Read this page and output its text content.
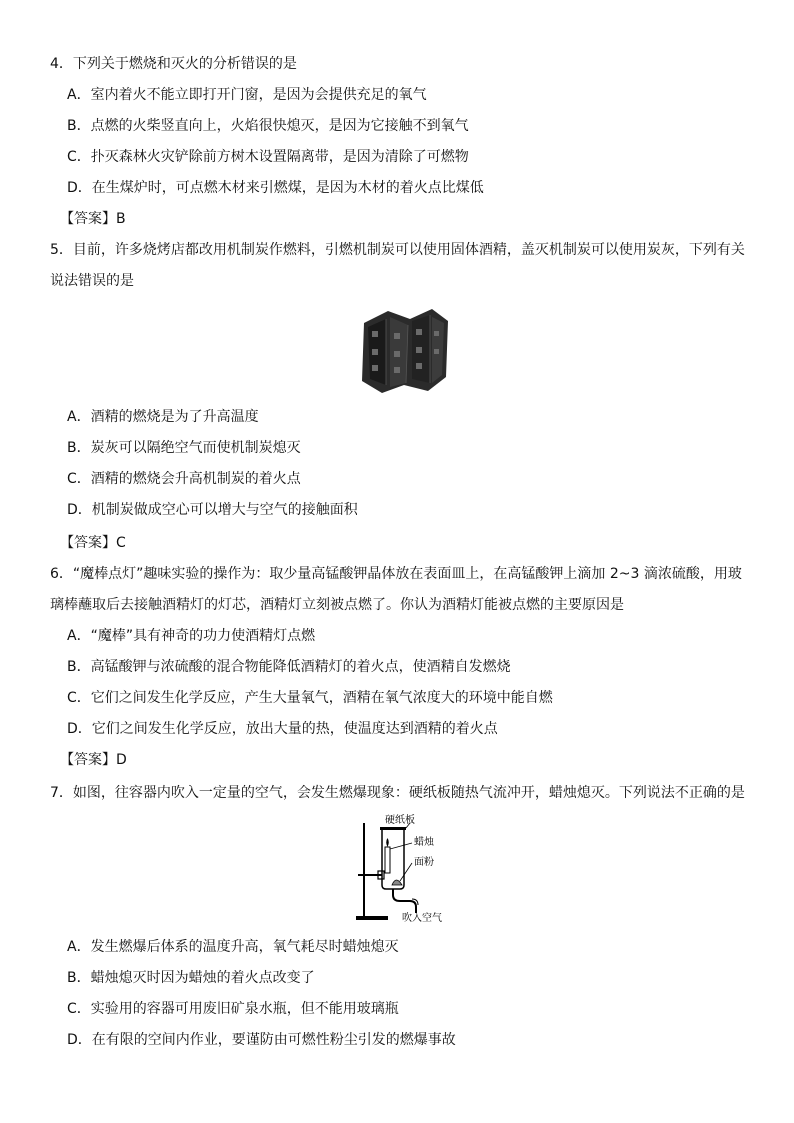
4．下列关于燃烧和灭火的分析错误的是
A．室内着火不能立即打开门窗，是因为会提供充足的氧气
B．点燃的火柴竖直向上，火焰很快熄灭，是因为它接触不到氧气
C．扑灭森林火灾铲除前方树木设置隔离带，是因为清除了可燃物
D．在生煤炉时，可点燃木材来引燃煤，是因为木材的着火点比煤低
【答案】B
5．目前，许多烧烤店都改用机制炭作燃料，引燃机制炭可以使用固体酒精，盖灭机制炭可以使用炭灰，下列有关
说法错误的是
A．酒精的燃烧是为了升高温度
B．炭灰可以隔绝空气而使机制炭熄灭
C．酒精的燃烧会升高机制炭的着火点
D．机制炭做成空心可以增大与空气的接触面积
【答案】C
6．“魔棒点灯”趣味实验的操作为：取少量高锰酸钾晶体放在表面皿上，在高锰酸钾上滴加 2~3 滴浓硫酸，用玻
璃棒蘸取后去接触酒精灯的灯芯，酒精灯立刻被点燃了。你认为酒精灯能被点燃的主要原因是
A．“魔棒”具有神奇的功力使酒精灯点燃
B．高锰酸钾与浓硫酸的混合物能降低酒精灯的着火点，使酒精自发燃烧
C．它们之间发生化学反应，产生大量氧气，酒精在氧气浓度大的环境中能自燃
D．它们之间发生化学反应，放出大量的热，使温度达到酒精的着火点
【答案】D
7．如图，往容器内吹入一定量的空气，会发生燃爆现象：硬纸板随热气流冲开，蜡烛熄灭。下列说法不正确的是
硬纸板
蜡烛
面粉
吹入空气
A．发生燃爆后体系的温度升高，氧气耗尽时蜡烛熄灭
B．蜡烛熄灭时因为蜡烛的着火点改变了
C．实验用的容器可用废旧矿泉水瓶，但不能用玻璃瓶
D．在有限的空间内作业，要谨防由可燃性粉尘引发的燃爆事故
